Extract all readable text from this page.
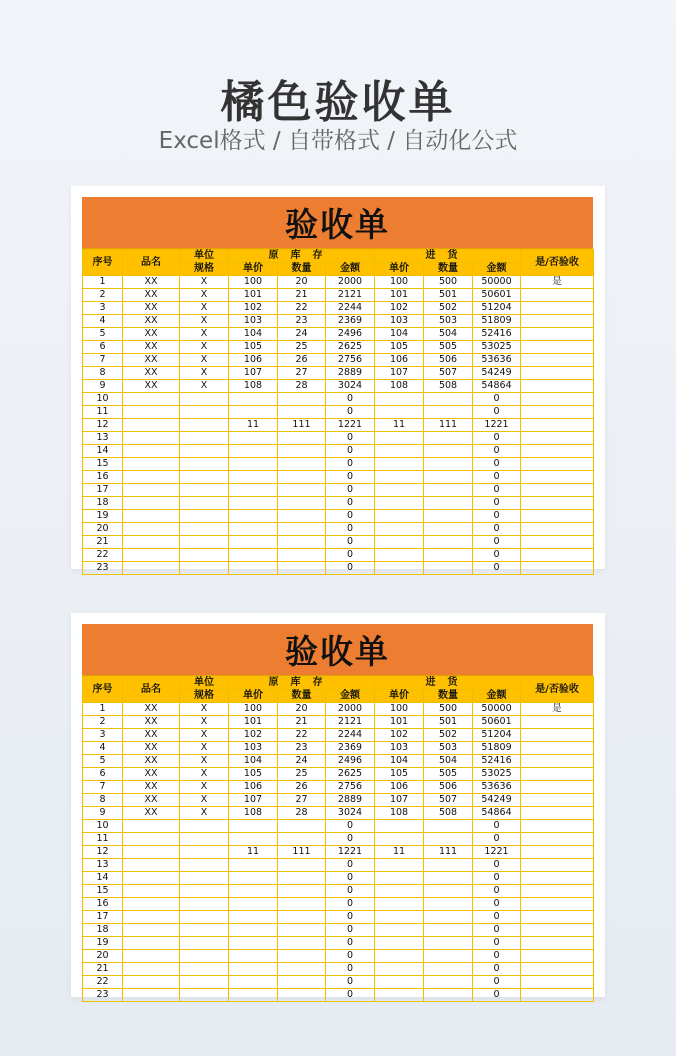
橘色验收单
Excel格式 / 自带格式 / 自动化公式
验收单
序号	品名	单位	原库存			进货			是/否验收
		规格	单价	数量	金额	单价	数量	金额	
1	XX	X	100	20	2000	100	500	50000	是
2	XX	X	101	21	2121	101	501	50601	
3	XX	X	102	22	2244	102	502	51204	
4	XX	X	103	23	2369	103	503	51809	
5	XX	X	104	24	2496	104	504	52416	
6	XX	X	105	25	2625	105	505	53025	
7	XX	X	106	26	2756	106	506	53636	
8	XX	X	107	27	2889	107	507	54249	
9	XX	X	108	28	3024	108	508	54864	
10					0			0	
11					0			0	
12			11	111	1221	11	111	1221	
13					0			0	
14					0			0	
15					0			0	
16					0			0	
17					0			0	
18					0			0	
19					0			0	
20					0			0	
21					0			0	
22					0			0	
23					0			0	
验收单
序号	品名	单位	原库存			进货			是/否验收
		规格	单价	数量	金额	单价	数量	金额	
1	XX	X	100	20	2000	100	500	50000	是
2	XX	X	101	21	2121	101	501	50601	
3	XX	X	102	22	2244	102	502	51204	
4	XX	X	103	23	2369	103	503	51809	
5	XX	X	104	24	2496	104	504	52416	
6	XX	X	105	25	2625	105	505	53025	
7	XX	X	106	26	2756	106	506	53636	
8	XX	X	107	27	2889	107	507	54249	
9	XX	X	108	28	3024	108	508	54864	
10					0			0	
11					0			0	
12			11	111	1221	11	111	1221	
13					0			0	
14					0			0	
15					0			0	
16					0			0	
17					0			0	
18					0			0	
19					0			0	
20					0			0	
21					0			0	
22					0			0	
23					0			0	
